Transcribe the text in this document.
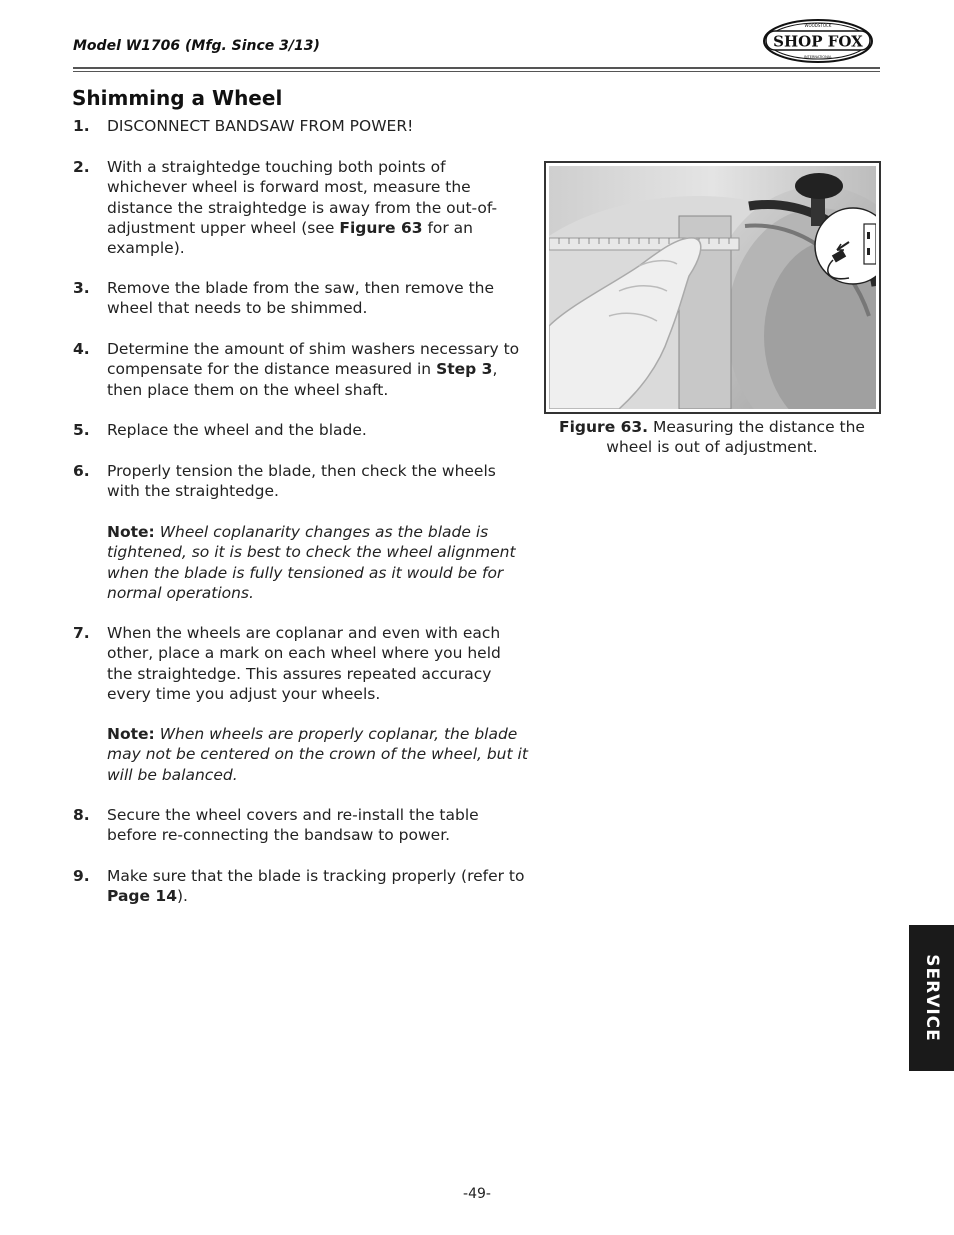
Model W1706 (Mfg. Since 3/13)	SHOP FOX
WOODSTOCK
INTERNATIONAL
Shimming a Wheel
1. DISCONNECT BANDSAW FROM POWER!
2. With a straightedge touching both points of whichever wheel is forward most, measure the distance the straightedge is away from the out-of-adjustment upper wheel (see Figure 63 for an example).
3. Remove the blade from the saw, then remove the wheel that needs to be shimmed.
4. Determine the amount of shim washers necessary to compensate for the distance measured in Step 3, then place them on the wheel shaft.
5. Replace the wheel and the blade.
6. Properly tension the blade, then check the wheels with the straightedge.
Note: Wheel coplanarity changes as the blade is tightened, so it is best to check the wheel alignment when the blade is fully tensioned as it would be for normal operations.
7. When the wheels are coplanar and even with each other, place a mark on each wheel where you held the straightedge. This assures repeated accuracy every time you adjust your wheels.
Note: When wheels are properly coplanar, the blade may not be centered on the crown of the wheel, but it will be balanced.
8. Secure the wheel covers and re-install the table before re-connecting the bandsaw to power.
9. Make sure that the blade is tracking properly (refer to Page 14).
Figure 63. Measuring the distance the wheel is out of adjustment.
SERVICE
-49-
